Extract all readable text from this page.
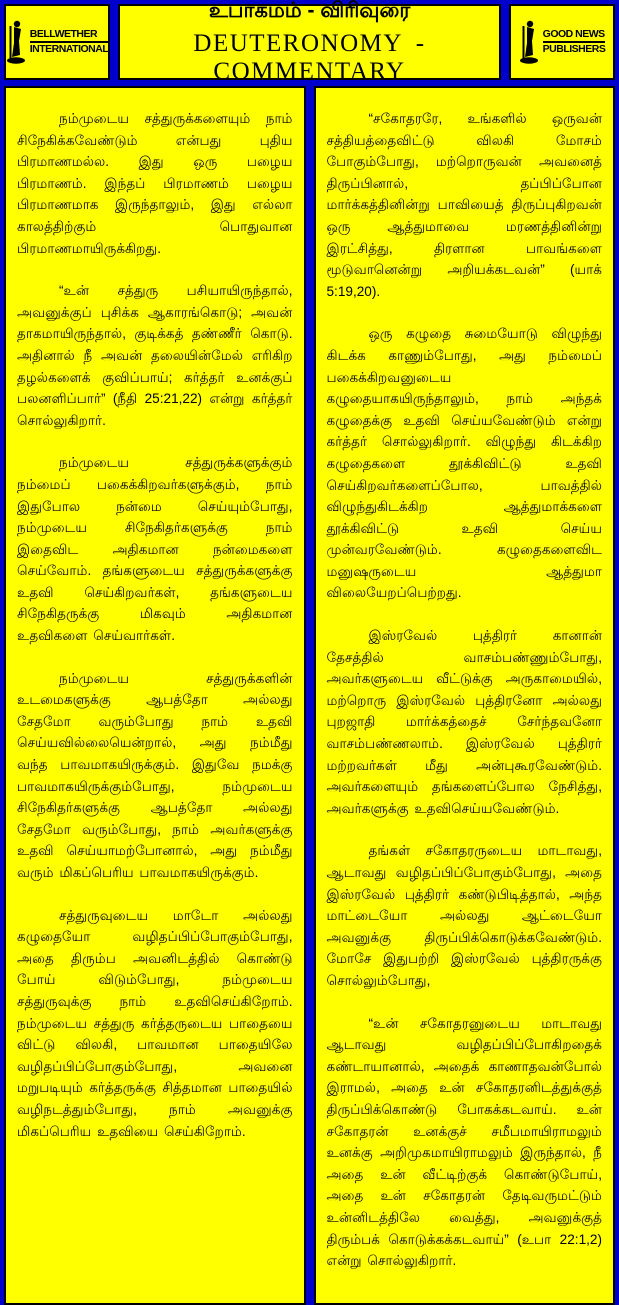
BELLWETHER
INTERNATIONAL
உபாகமம் - விரிவுரை
DEUTERONOMY - COMMENTARY
GOOD NEWS
PUBLISHERS

நம்முடைய சத்துருக்களையும் நாம் சிநேகிக்கவேண்டும் என்பது புதிய பிரமாணமல்ல. இது ஒரு பழைய பிரமாணம். இந்தப் பிரமாணம் பழைய பிரமாணமாக இருந்தாலும், இது எல்லா காலத்திற்கும் பொதுவான பிரமாணமாயிருக்கிறது.

“உன் சத்துரு பசியாயிருந்தால், அவனுக்குப் புசிக்க ஆகாரங்கொடு; அவன் தாகமாயிருந்தால், குடிக்கத் தண்ணீர் கொடு. அதினால் நீ அவன் தலையின்மேல் எரிகிற தழல்களைக் குவிப்பாய்; கர்த்தர் உனக்குப் பலனளிப்பார்” (நீதி 25:21,22) என்று கர்த்தர் சொல்லுகிறார்.

நம்முடைய சத்துருக்களுக்கும் நம்மைப் பகைக்கிறவர்களுக்கும், நாம் இதுபோல நன்மை செய்யும்போது, நம்முடைய சிநேகிதர்களுக்கு நாம் இதைவிட அதிகமான நன்மைகளை செய்வோம். தங்களுடைய சத்துருக்களுக்கு உதவி செய்கிறவர்கள், தங்களுடைய சிநேகிதருக்கு மிகவும் அதிகமான உதவிகளை செய்வார்கள்.

நம்முடைய சத்துருக்களின் உடமைகளுக்கு ஆபத்தோ அல்லது சேதமோ வரும்போது நாம் உதவி செய்யவில்லையென்றால், அது நம்மீது வந்த பாவமாகயிருக்கும். இதுவே நமக்கு பாவமாகயிருக்கும்போது, நம்முடைய சிநேகிதர்களுக்கு ஆபத்தோ அல்லது சேதமோ வரும்போது, நாம் அவர்களுக்கு உதவி செய்யாமற்போனால், அது நம்மீது வரும் மிகப்பெரிய பாவமாகயிருக்கும்.

சத்துருவுடைய மாடோ அல்லது கழுதையோ வழிதப்பிப்போகும்போது, அதை திரும்ப அவனிடத்தில் கொண்டு போய் விடும்போது, நம்முடைய சத்துருவுக்கு நாம் உதவிசெய்கிறோம். நம்முடைய சத்துரு கர்த்தருடைய பாதையை விட்டு விலகி, பாவமான பாதையிலே வழிதப்பிப்போகும்போது, அவனை மறுபடியும் கர்த்தருக்கு சித்தமான பாதையில் வழிநடத்தும்போது, நாம் அவனுக்கு மிகப்பெரிய உதவியை செய்கிறோம்.

“சகோதரரே, உங்களில் ஒருவன் சத்தியத்தைவிட்டு விலகி மோசம் போகும்போது, மற்றொருவன் அவனைத் திருப்பினால், தப்பிப்போன மார்க்கத்தினின்று பாவியைத் திருப்புகிறவன் ஒரு ஆத்துமாவை மரணத்தினின்று இரட்சித்து, திரளான பாவங்களை மூடுவானென்று அறியக்கடவன்” (யாக் 5:19,20).

ஒரு கழுதை சுமையோடு விழுந்து கிடக்க காணும்போது, அது நம்மைப் பகைக்கிறவனுடைய கழுதையாகயிருந்தாலும், நாம் அந்தக் கழுதைக்கு உதவி செய்யவேண்டும் என்று கர்த்தர் சொல்லுகிறார். விழுந்து கிடக்கிற கழுதைகளை தூக்கிவிட்டு உதவி செய்கிறவர்களைப்போல, பாவத்தில் விழுந்துகிடக்கிற ஆத்துமாக்களை தூக்கிவிட்டு உதவி செய்ய முன்வரவேண்டும். கழுதைகளைவிட மனுஷருடைய ஆத்துமா விலையேறப்பெற்றது.

இஸ்ரவேல் புத்திரர் கானான் தேசத்தில் வாசம்பண்ணும்போது, அவர்களுடைய வீட்டுக்கு அருகாமையில், மற்றொரு இஸ்ரவேல் புத்திரனோ அல்லது புறஜாதி மார்க்கத்தைச் சேர்ந்தவனோ வாசம்பண்ணலாம். இஸ்ரவேல் புத்திரர் மற்றவர்கள் மீது அன்புகூரவேண்டும். அவர்களையும் தங்களைப்போல நேசித்து, அவர்களுக்கு உதவிசெய்யவேண்டும்.

தங்கள் சகோதரருடைய மாடாவது, ஆடாவது வழிதப்பிப்போகும்போது, அதை இஸ்ரவேல் புத்திரர் கண்டுபிடித்தால், அந்த மாட்டையோ அல்லது ஆட்டையோ அவனுக்கு திருப்பிக்கொடுக்கவேண்டும். மோசே இதுபற்றி இஸ்ரவேல் புத்திரருக்கு சொல்லும்போது,

“உன் சகோதரனுடைய மாடாவது ஆடாவது வழிதப்பிப்போகிறதைக் கண்டாயானால், அதைக் காணாதவன்போல் இராமல், அதை உன் சகோதரனிடத்துக்குத் திருப்பிக்கொண்டு போகக்கடவாய். உன் சகோதரன் உனக்குச் சமீபமாயிராமலும் உனக்கு அறிமுகமாயிராமலும் இருந்தால், நீ அதை உன் வீட்டிற்குக் கொண்டுபோய், அதை உன் சகோதரன் தேடிவருமட்டும் உன்னிடத்திலே வைத்து, அவனுக்குத் திரும்பக் கொடுக்கக்கடவாய்” (உபா 22:1,2) என்று சொல்லுகிறார்.
